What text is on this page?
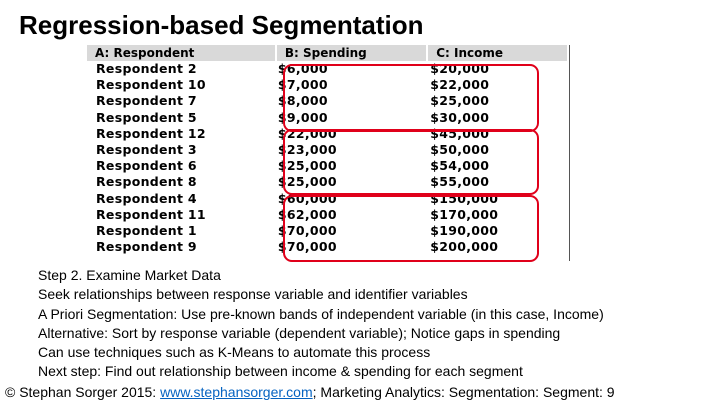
Regression-based Segmentation
A: Respondent	B: Spending	C: Income
Respondent 2	$6,000	$20,000
Respondent 10	$7,000	$22,000
Respondent 7	$8,000	$25,000
Respondent 5	$9,000	$30,000
Respondent 12	$22,000	$45,000
Respondent 3	$23,000	$50,000
Respondent 6	$25,000	$54,000
Respondent 8	$25,000	$55,000
Respondent 4	$60,000	$150,000
Respondent 11	$62,000	$170,000
Respondent 1	$70,000	$190,000
Respondent 9	$70,000	$200,000
Step 2. Examine Market Data
Seek relationships between response variable and identifier variables
A Priori Segmentation: Use pre-known bands of independent variable (in this case, Income)
Alternative: Sort by response variable (dependent variable); Notice gaps in spending
Can use techniques such as K-Means to automate this process
Next step: Find out relationship between income & spending for each segment
© Stephan Sorger 2015: www.stephansorger.com; Marketing Analytics: Segmentation: Segment: 9
